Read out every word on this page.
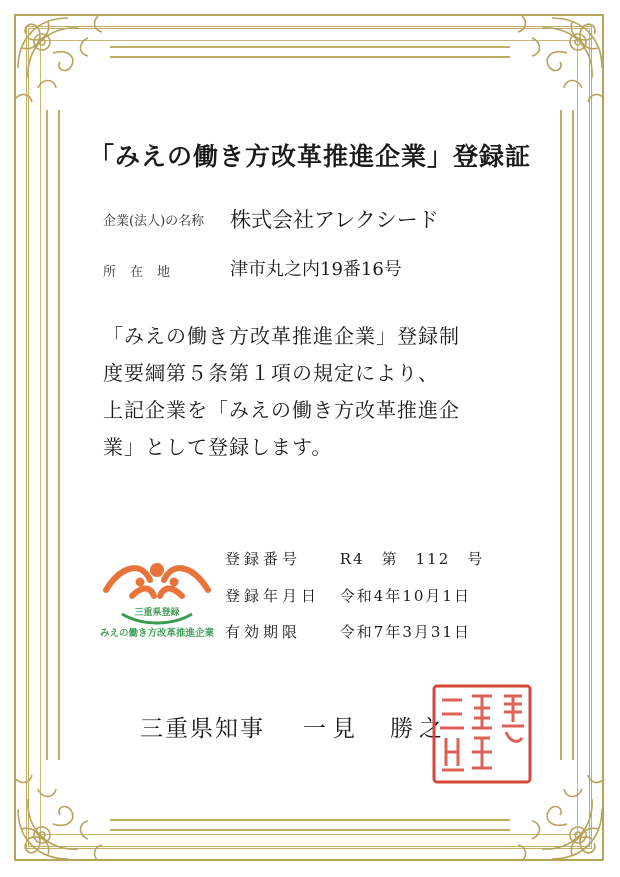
「みえの働き方改革推進企業」登録証
企業(法人)の名称 株式会社アレクシード
所在地	津市丸之内19番16号
「みえの働き方改革推進企業」登録制
度要綱第５条第１項の規定により、
上記企業を「みえの働き方改革推進企
業」として登録します。
三重県登録
みえの働き方改革推進企業
登録番号	R4　第　112　号
登録年月日 令和4年10月1日
有効期限	令和7年3月31日
三重県知事 一見　勝之
